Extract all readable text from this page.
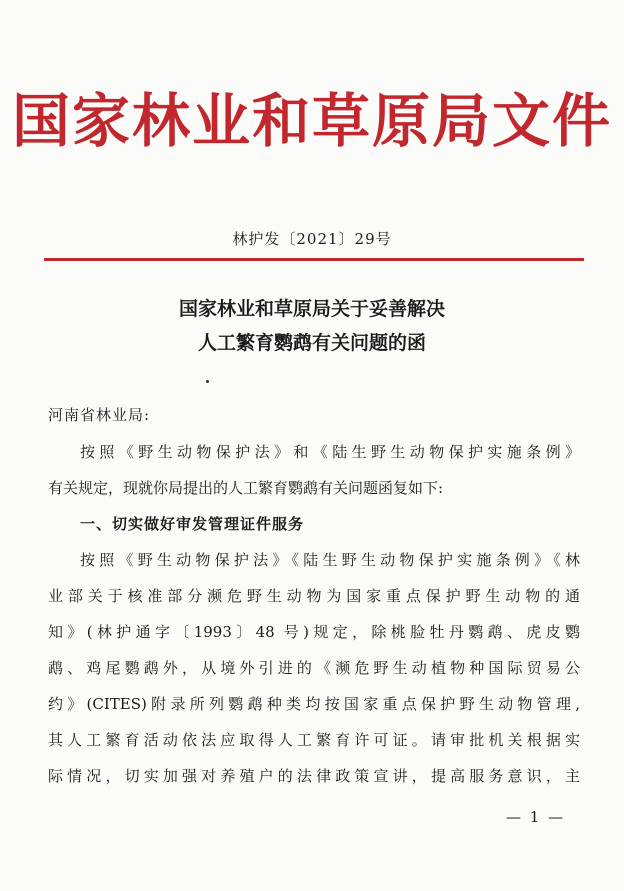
国家林业和草原局文件
林护发〔2021〕29号
国家林业和草原局关于妥善解决
人工繁育鹦鹉有关问题的函
河南省林业局:
按照《野生动物保护法》和《陆生野生动物保护实施条例》
有关规定，现就你局提出的人工繁育鹦鹉有关问题函复如下:
一、切实做好审发管理证件服务
按照《野生动物保护法》《陆生野生动物保护实施条例》《林
业部关于核准部分濒危野生动物为国家重点保护野生动物的通
知》(林护通字〔1993〕48 号)规定，除桃脸牡丹鹦鹉、虎皮鹦
鹉、鸡尾鹦鹉外，从境外引进的《濒危野生动植物种国际贸易公
约》(CITES)附录所列鹦鹉种类均按国家重点保护野生动物管理,
其人工繁育活动依法应取得人工繁育许可证。请审批机关根据实
际情况，切实加强对养殖户的法律政策宣讲，提高服务意识，主
— 1 —
